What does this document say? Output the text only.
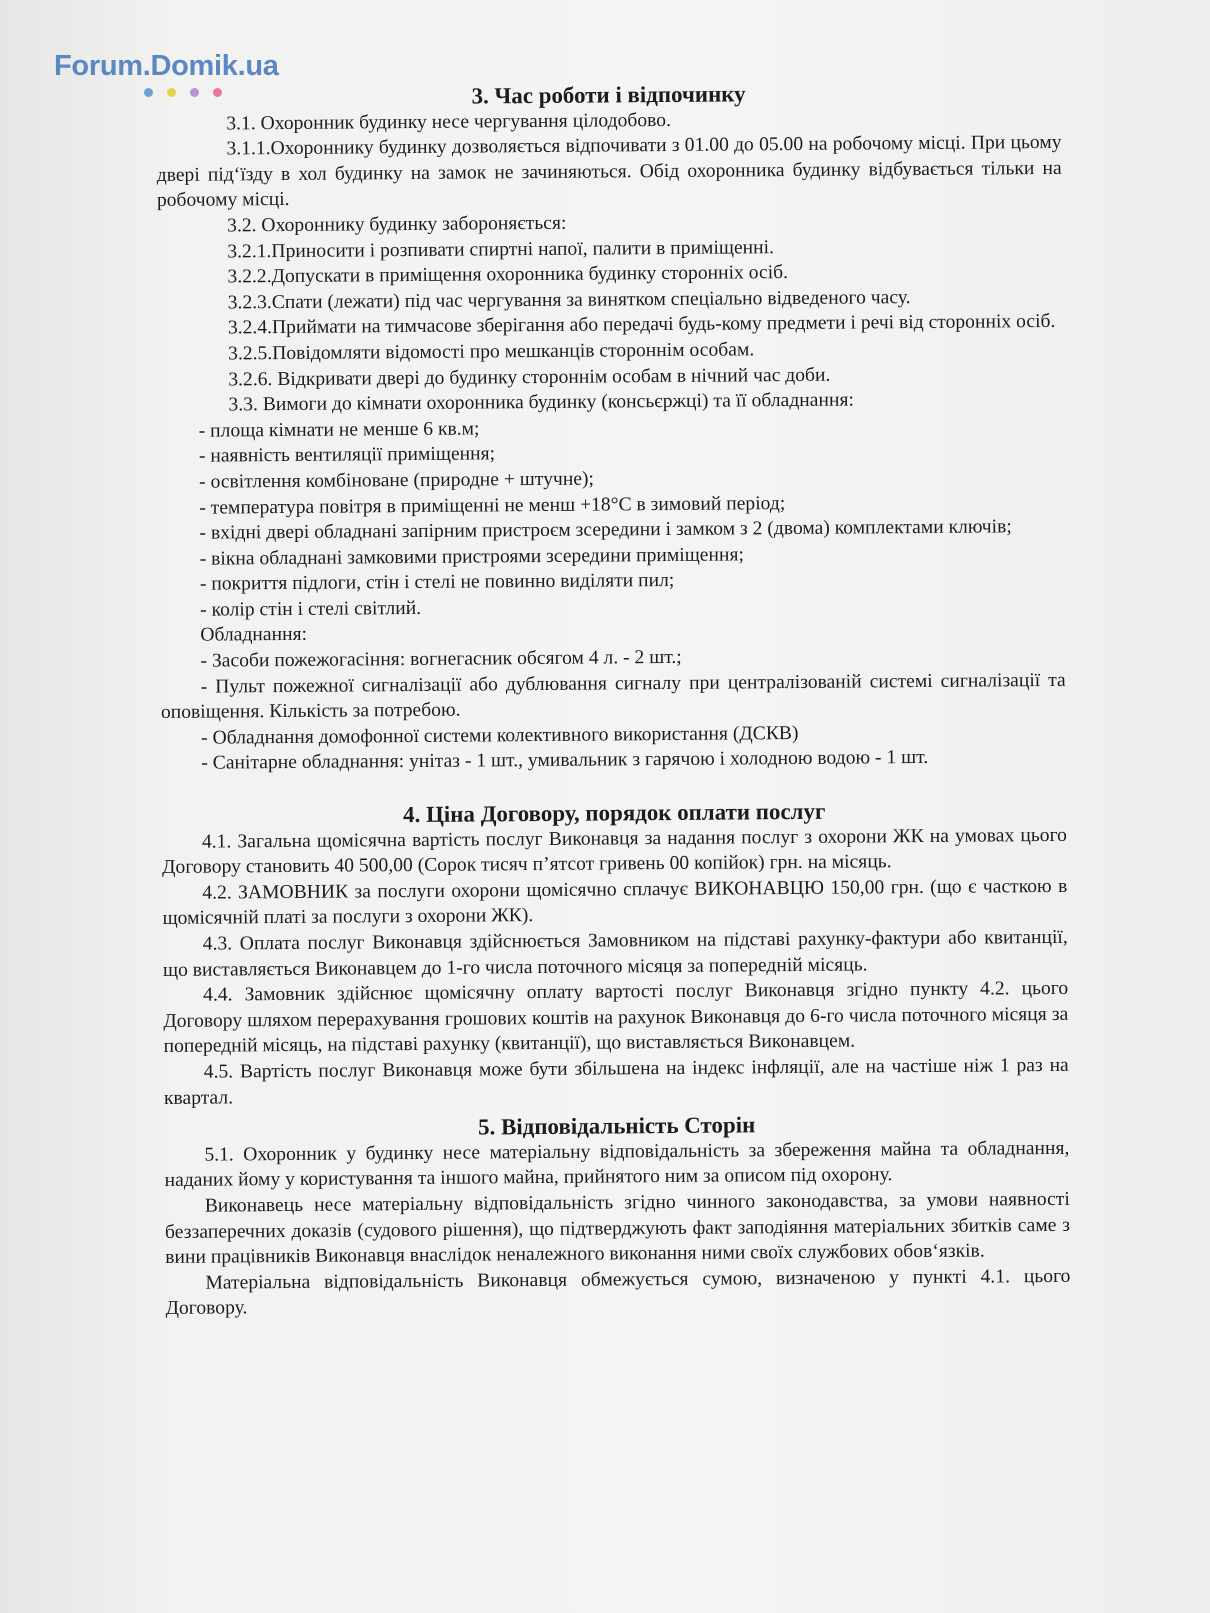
Forum.Domik.ua
3. Час роботи і відпочинку

3.1. Охоронник будинку несе чергування цілодобово.

3.1.1.Охороннику будинку дозволяється відпочивати з 01.00 до 05.00 на робочому місці. При цьому двері під‘їзду в хол будинку на замок не зачиняються. Обід охоронника будинку відбувається тільки на робочому місці.

3.2. Охороннику будинку забороняється:

3.2.1.Приносити і розпивати спиртні напої, палити в приміщенні.

3.2.2.Допускати в приміщення охоронника будинку сторонніх осіб.

3.2.3.Спати (лежати) під час чергування за винятком спеціально відведеного часу.

3.2.4.Приймати на тимчасове зберігання або передачі будь-кому предмети і речі від сторонніх осіб.

3.2.5.Повідомляти відомості про мешканців стороннім особам.

3.2.6. Відкривати двері до будинку стороннім особам в нічний час доби.

3.3. Вимоги до кімнати охоронника будинку (консьєржці) та її обладнання:

- площа кімнати не менше 6 кв.м;

- наявність вентиляції приміщення;

- освітлення комбіноване (природне + штучне);

- температура повітря в приміщенні не менш +18°С в зимовий період;

- вхідні двері обладнані запірним пристроєм зсередини і замком з 2 (двома) комплектами ключів;

- вікна обладнані замковими пристроями зсередини приміщення;

- покриття підлоги, стін і стелі не повинно виділяти пил;

- колір стін і стелі світлий.

Обладнання:

- Засоби пожежогасіння: вогнегасник обсягом 4 л. - 2 шт.;

- Пульт пожежної сигналізації або дублювання сигналу при централізованій системі сигналізації та оповіщення. Кількість за потребою.

- Обладнання домофонної системи колективного використання (ДСКВ)

- Санітарне обладнання: унітаз - 1 шт., умивальник з гарячою і холодною водою - 1 шт.

4. Ціна Договору, порядок оплати послуг

4.1. Загальна щомісячна вартість послуг Виконавця за надання послуг з охорони ЖК на умовах цього Договору становить 40 500,00 (Сорок тисяч п’ятсот гривень 00 копійок) грн. на місяць.

4.2. ЗАМОВНИК за послуги охорони щомісячно сплачує ВИКОНАВЦЮ 150,00 грн. (що є часткою в щомісячній платі за послуги з охорони ЖК).

4.3. Оплата послуг Виконавця здійснюється Замовником на підставі рахунку-фактури або квитанції, що виставляється Виконавцем до 1-го числа поточного місяця за попередній місяць.

4.4. Замовник здійснює щомісячну оплату вартості послуг Виконавця згідно пункту 4.2. цього Договору шляхом перерахування грошових коштів на рахунок Виконавця до 6-го числа поточного місяця за попередній місяць, на підставі рахунку (квитанції), що виставляється Виконавцем.

4.5. Вартість послуг Виконавця може бути збільшена на індекс інфляції, але на частіше ніж 1 раз на квартал.

5. Відповідальність Сторін

5.1. Охоронник у будинку несе матеріальну відповідальність за збереження майна та обладнання, наданих йому у користування та іншого майна, прийнятого ним за описом під охорону.

Виконавець несе матеріальну відповідальність згідно чинного законодавства, за умови наявності беззаперечних доказів (судового рішення), що підтверджують факт заподіяння матеріальних збитків саме з вини працівників Виконавця внаслідок неналежного виконання ними своїх службових обов‘язків.

Матеріальна відповідальність Виконавця обмежується сумою, визначеною у пункті 4.1. цього Договору.
